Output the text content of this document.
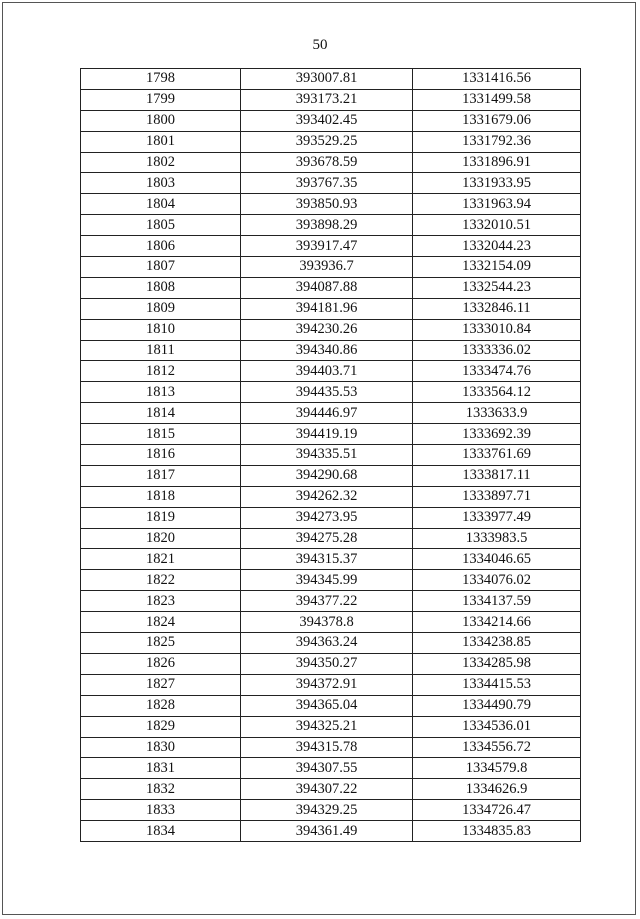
50
1798	393007.81	1331416.56
1799	393173.21	1331499.58
1800	393402.45	1331679.06
1801	393529.25	1331792.36
1802	393678.59	1331896.91
1803	393767.35	1331933.95
1804	393850.93	1331963.94
1805	393898.29	1332010.51
1806	393917.47	1332044.23
1807	393936.7	1332154.09
1808	394087.88	1332544.23
1809	394181.96	1332846.11
1810	394230.26	1333010.84
1811	394340.86	1333336.02
1812	394403.71	1333474.76
1813	394435.53	1333564.12
1814	394446.97	1333633.9
1815	394419.19	1333692.39
1816	394335.51	1333761.69
1817	394290.68	1333817.11
1818	394262.32	1333897.71
1819	394273.95	1333977.49
1820	394275.28	1333983.5
1821	394315.37	1334046.65
1822	394345.99	1334076.02
1823	394377.22	1334137.59
1824	394378.8	1334214.66
1825	394363.24	1334238.85
1826	394350.27	1334285.98
1827	394372.91	1334415.53
1828	394365.04	1334490.79
1829	394325.21	1334536.01
1830	394315.78	1334556.72
1831	394307.55	1334579.8
1832	394307.22	1334626.9
1833	394329.25	1334726.47
1834	394361.49	1334835.83
